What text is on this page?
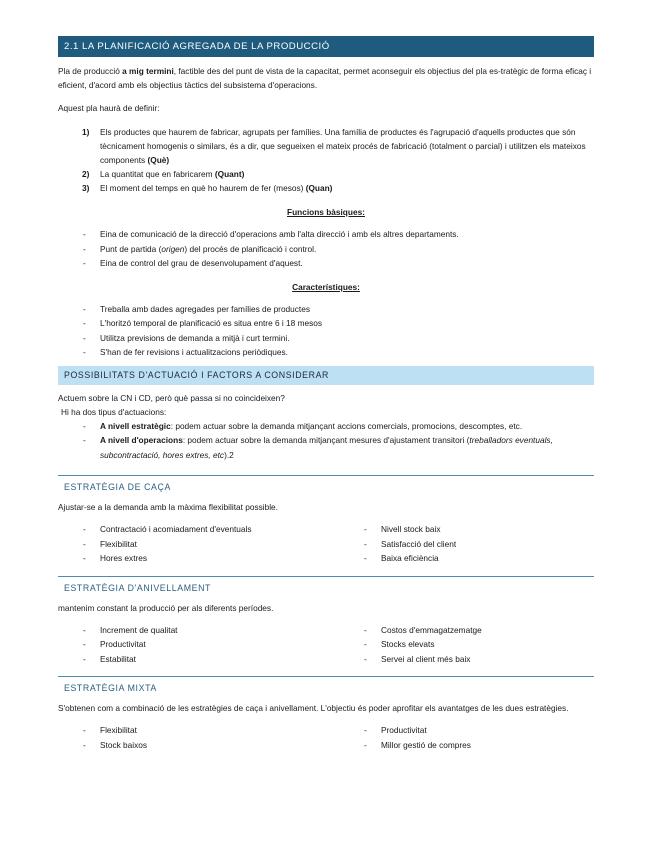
2.1 LA PLANIFICACIÓ AGREGADA DE LA PRODUCCIÓ

Pla de producció a mig termini, factible des del punt de vista de la capacitat, permet aconseguir els objectius del pla es-tratègic de forma eficaç i eficient, d'acord amb els objectius tàctics del subsistema d'operacions.

Aquest pla haurà de definir:

1) Els productes que haurem de fabricar, agrupats per famílies. Una família de productes és l'agrupació d'aquells productes que són tècnicament homogenis o similars, és a dir, que segueixen el mateix procés de fabricació (totalment o parcial) i utilitzen els mateixos components (Què)
2) La quantitat que en fabricarem (Quant)
3) El moment del temps en què ho haurem de fer (mesos) (Quan)
Funcions bàsiques:
- Eina de comunicació de la direcció d'operacions amb l'alta direcció i amb els altres departaments.
- Punt de partida (origen) del procés de planificació i control.
- Eina de control del grau de desenvolupament d'aquest.
Característiques:
- Treballa amb dades agregades per famílies de productes
- L'horitzó temporal de planificació es situa entre 6 i 18 mesos
- Utilitza previsions de demanda a mitjà i curt termini.
- S'han de fer revisions i actualitzacions periòdiques.
POSSIBILITATS D'ACTUACIÓ I FACTORS A CONSIDERAR

Actuem sobre la CN i CD, però què passa si no coincideixen?

Hi ha dos tipus d'actuacions:

- A nivell estratègic: podem actuar sobre la demanda mitjançant accions comercials, promocions, descomptes, etc.
- A nivell d'operacions: podem actuar sobre la demanda mitjançant mesures d'ajustament transitori (treballadors eventuals, subcontractació, hores extres, etc).2
ESTRATÈGIA DE CAÇA

Ajustar-se a la demanda amb la màxima flexibilitat possible.

- Contractació i acomiadament d'eventuals
- Flexibilitat
- Hores extres
- Nivell stock baix
- Satisfacció del client
- Baixa eficiència
ESTRATÈGIA D'ANIVELLAMENT

mantenim constant la producció per als diferents períodes.

- Increment de qualitat
- Productivitat
- Estabilitat
- Costos d'emmagatzematge
- Stocks elevats
- Servei al client més baix
ESTRATÈGIA MIXTA

S'obtenen com a combinació de les estratègies de caça i anivellament. L'objectiu és poder aprofitar els avantatges de les dues estratègies.

- Flexibilitat
- Stock baixos
- Productivitat
- Millor gestió de compres
